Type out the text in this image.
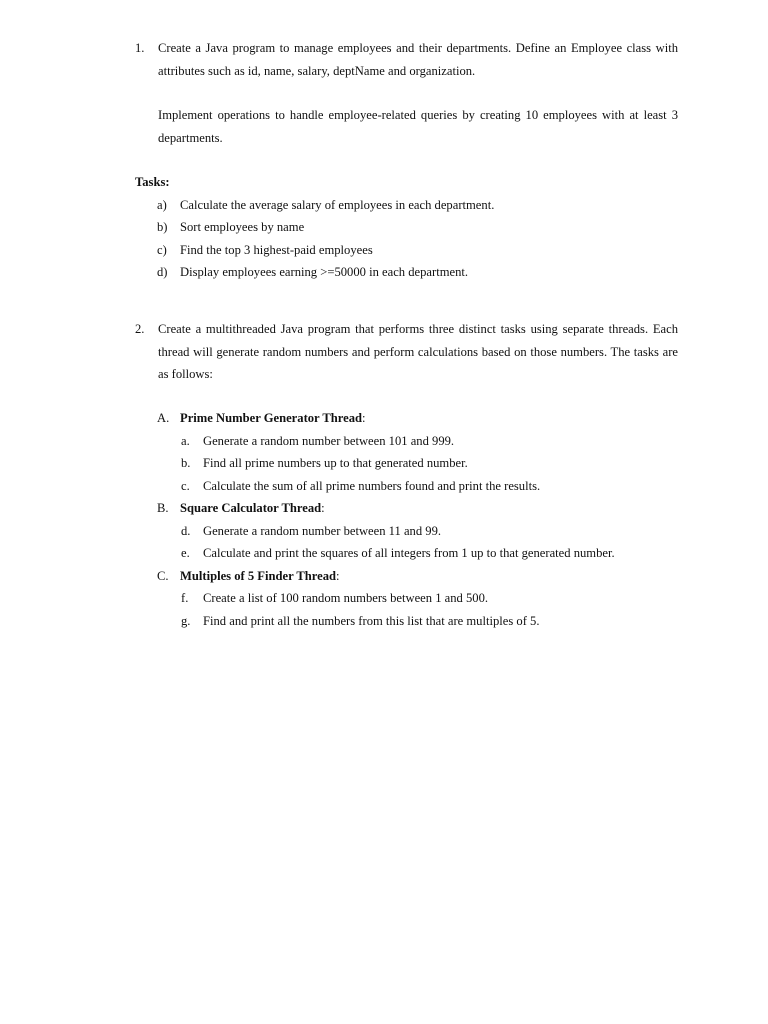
1. Create a Java program to manage employees and their departments. Define an Employee class with attributes such as id, name, salary, deptName and organization.

Implement operations to handle employee-related queries by creating 10 employees with at least 3 departments.

Tasks:

a) Calculate the average salary of employees in each department.
b) Sort employees by name
c) Find the top 3 highest-paid employees
d) Display employees earning >=50000 in each department.
2. Create a multithreaded Java program that performs three distinct tasks using separate threads. Each thread will generate random numbers and perform calculations based on those numbers. The tasks are as follows:

A. Prime Number Generator Thread:
a. Generate a random number between 101 and 999.
b. Find all prime numbers up to that generated number.
c. Calculate the sum of all prime numbers found and print the results.
B. Square Calculator Thread:
d. Generate a random number between 11 and 99.
e. Calculate and print the squares of all integers from 1 up to that generated number.
C. Multiples of 5 Finder Thread:
f. Create a list of 100 random numbers between 1 and 500.
g. Find and print all the numbers from this list that are multiples of 5.
